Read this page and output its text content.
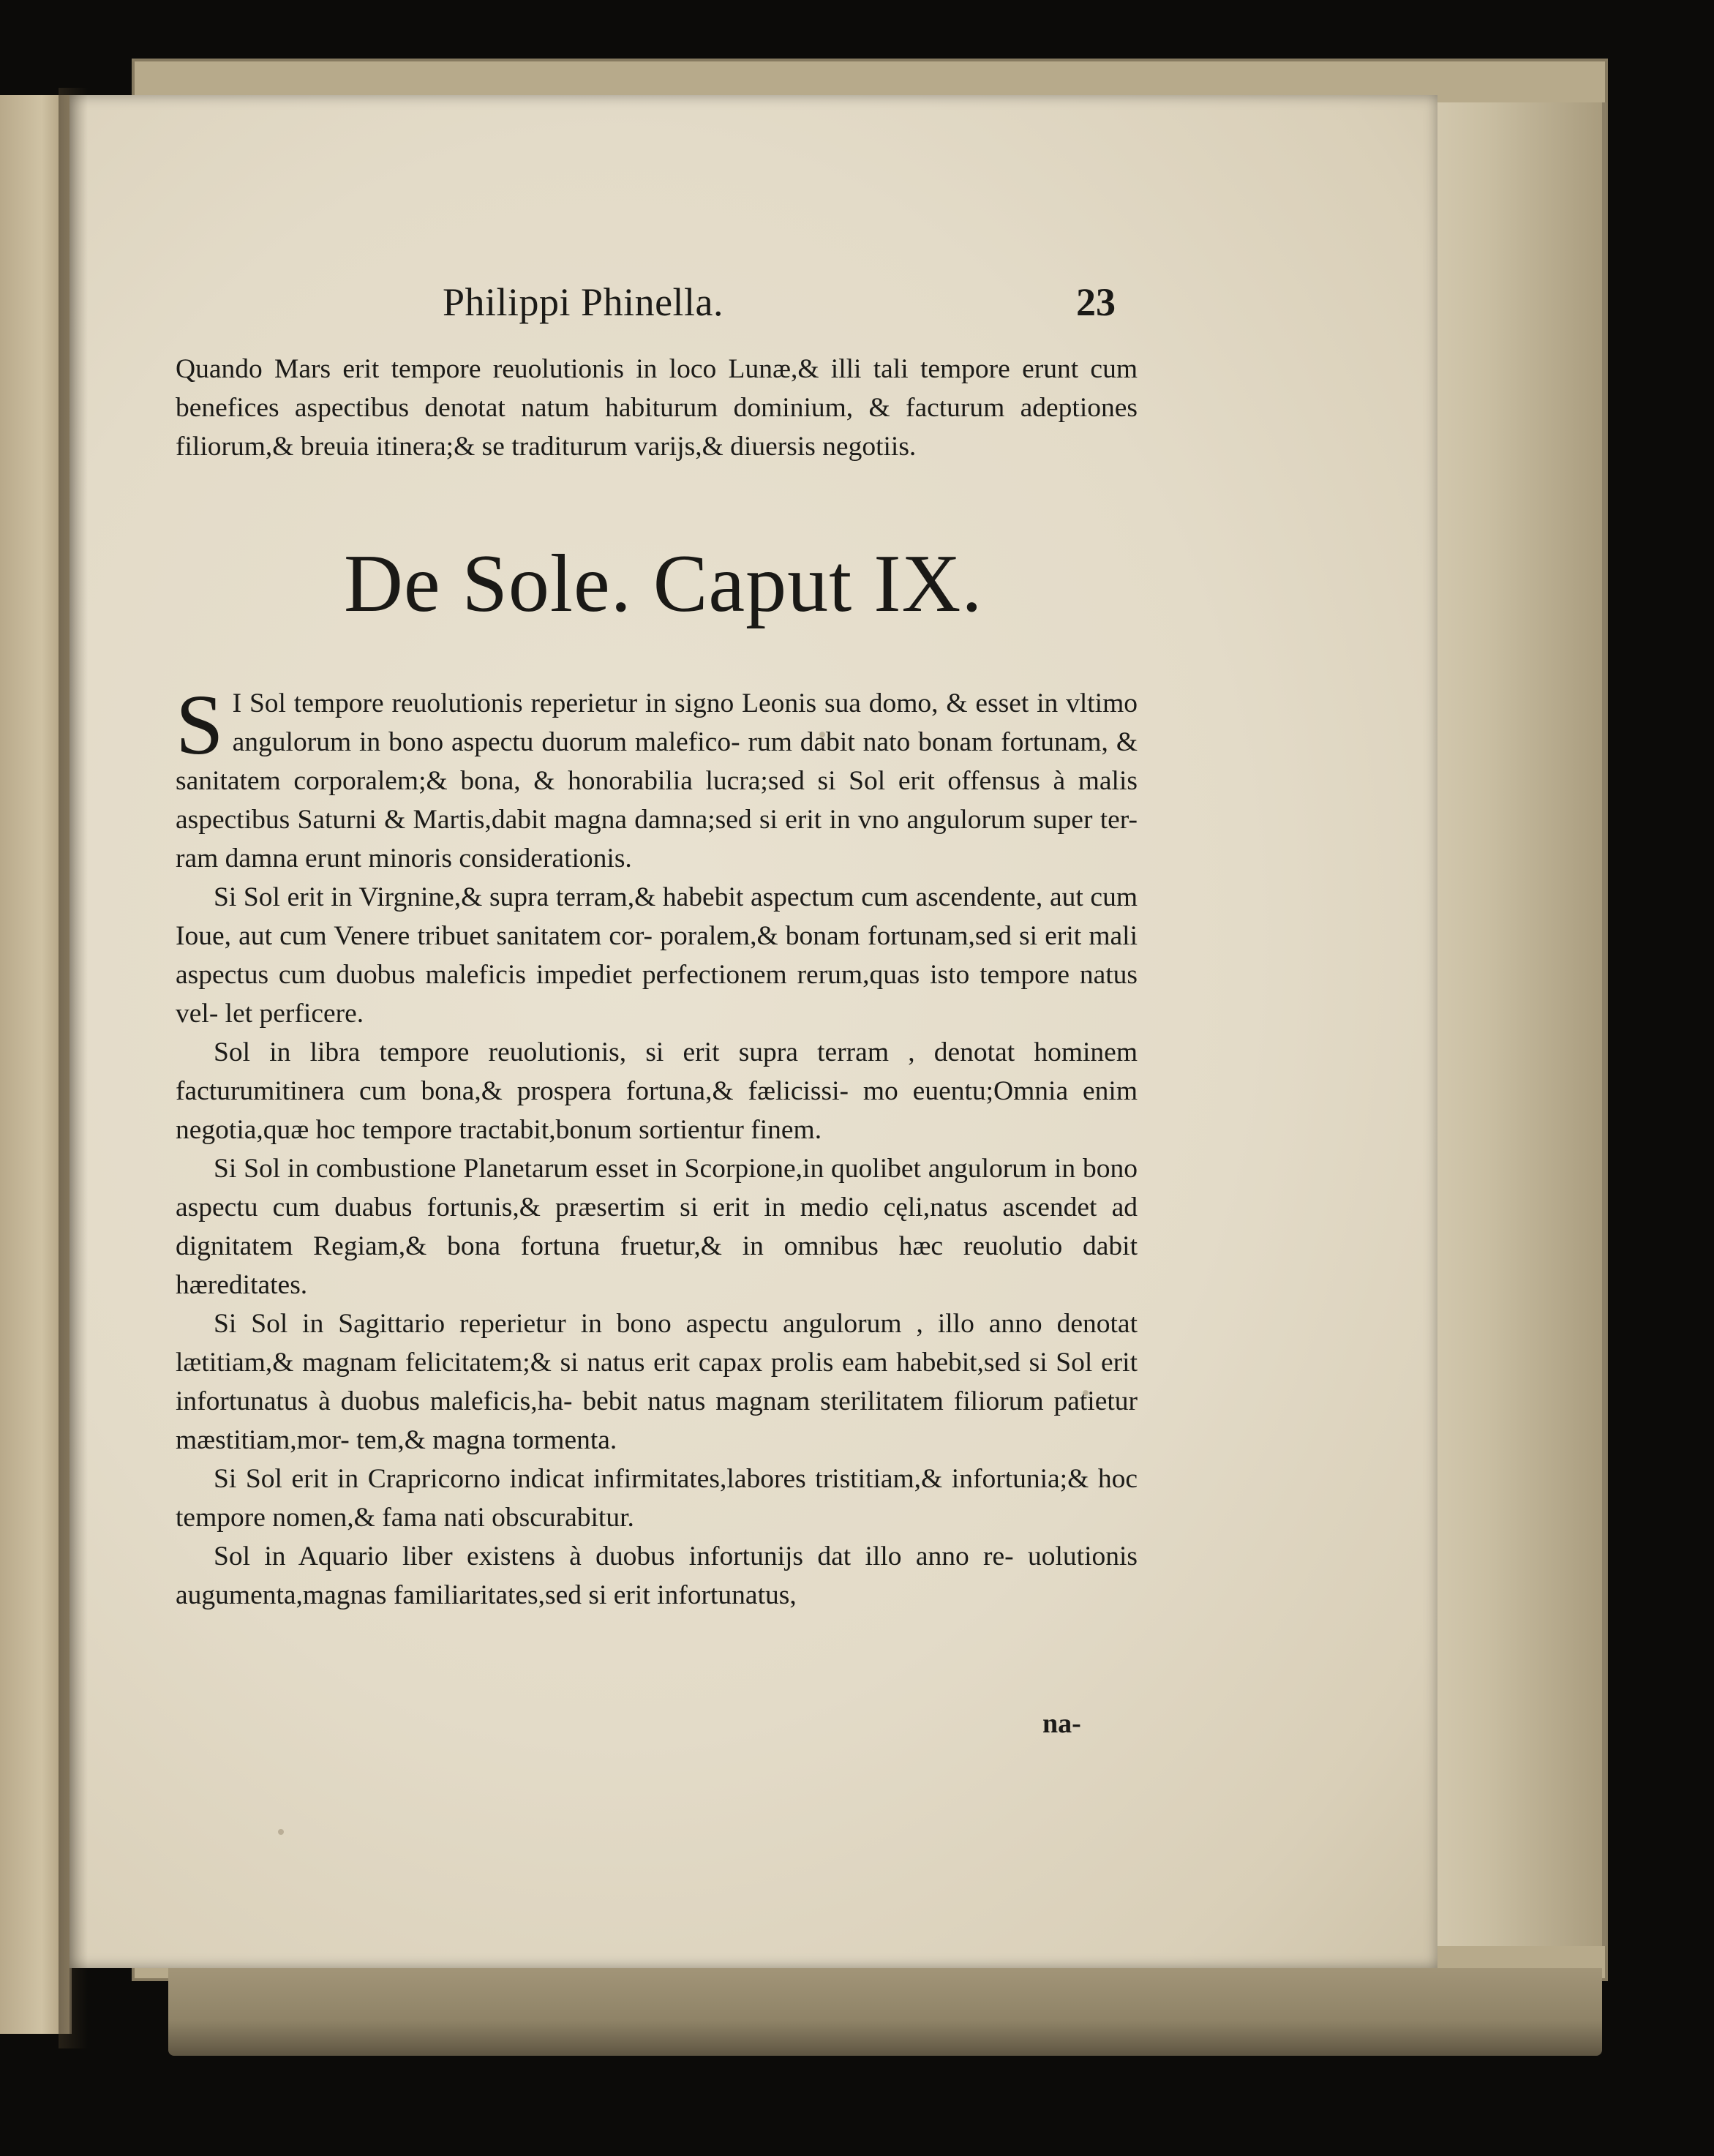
Philippi Phinella.	23

Quando Mars erit tempore reuolutionis in loco Lunæ,& illi tali tempore erunt cum benefices aspectibus denotat natum habiturum dominium, & facturum adeptiones filiorum,& breuia itinera;& se traditurum varijs,& diuersis negotiis.

De Sole. Caput IX.

S I Sol tempore reuolutionis reperietur in signo Leonis sua domo, & esset in vltimo angulorum in bono aspectu duorum malefico- rum dabit nato bonam fortunam, & sanitatem corporalem;& bona, & honorabilia lucra;sed si Sol erit offensus à malis aspectibus Saturni & Martis,dabit magna damna;sed si erit in vno angulorum super ter- ram damna erunt minoris considerationis.

Si Sol erit in Virgnine,& supra terram,& habebit aspectum cum ascendente, aut cum Ioue, aut cum Venere tribuet sanitatem cor- poralem,& bonam fortunam,sed si erit mali aspectus cum duobus maleficis impediet perfectionem rerum,quas isto tempore natus vel- let perficere.

Sol in libra tempore reuolutionis, si erit supra terram , denotat hominem facturumitinera cum bona,& prospera fortuna,& fælicissi- mo euentu;Omnia enim negotia,quæ hoc tempore tractabit,bonum sortientur finem.

Si Sol in combustione Planetarum esset in Scorpione,in quolibet angulorum in bono aspectu cum duabus fortunis,& præsertim si erit in medio cęli,natus ascendet ad dignitatem Regiam,& bona fortuna fruetur,& in omnibus hæc reuolutio dabit hæreditates.

Si Sol in Sagittario reperietur in bono aspectu angulorum , illo anno denotat lætitiam,& magnam felicitatem;& si natus erit capax prolis eam habebit,sed si Sol erit infortunatus à duobus maleficis,ha- bebit natus magnam sterilitatem filiorum patietur mæstitiam,mor- tem,& magna tormenta.

Si Sol erit in Crapricorno indicat infirmitates,labores tristitiam,& infortunia;& hoc tempore nomen,& fama nati obscurabitur.

Sol in Aquario liber existens à duobus infortunijs dat illo anno re- uolutionis augumenta,magnas familiaritates,sed si erit infortunatus,

na-
